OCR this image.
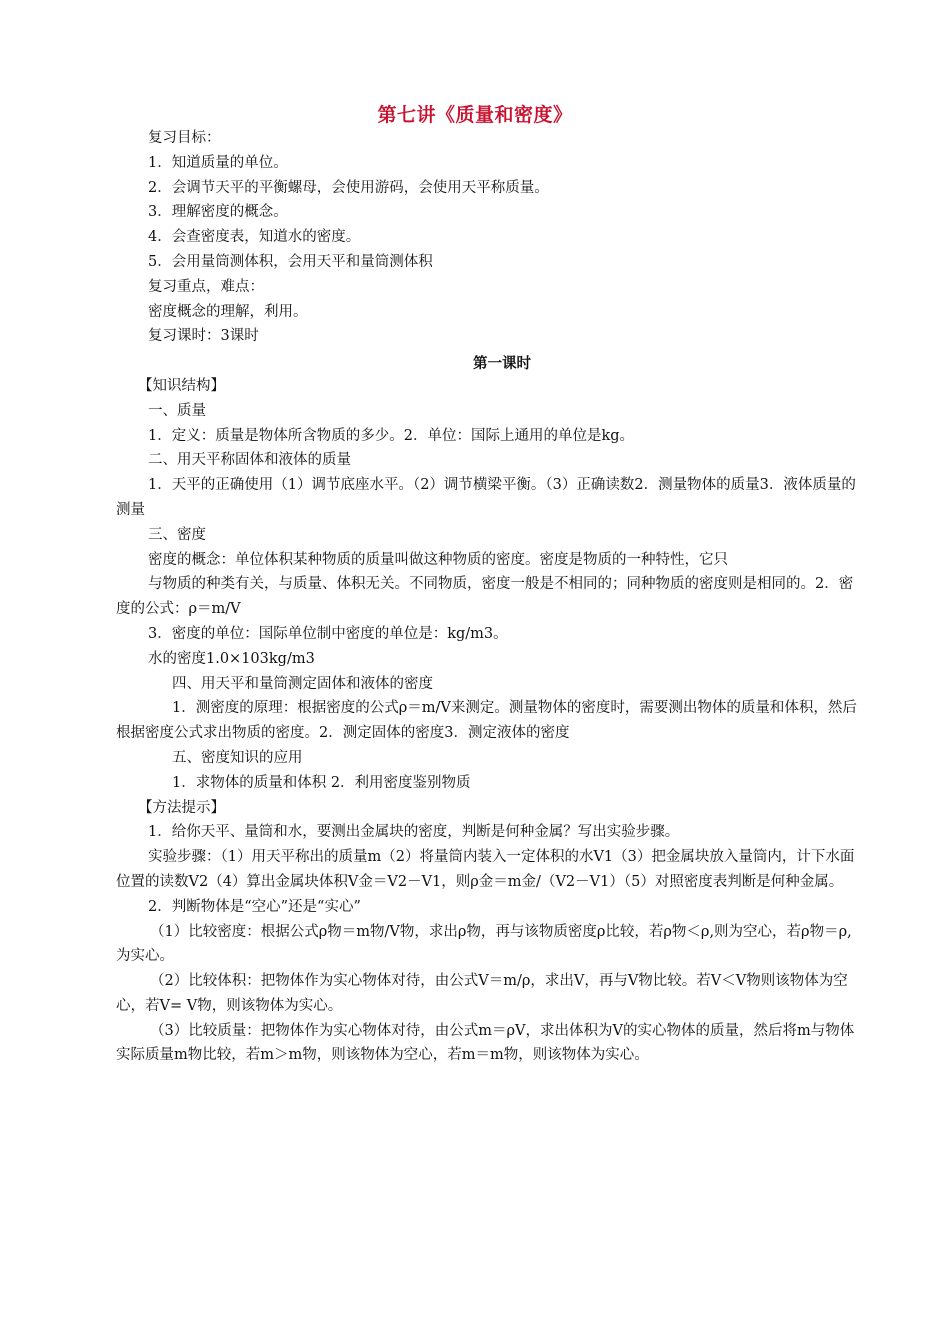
第七讲《质量和密度》

复习目标：

1．知道质量的单位。

2．会调节天平的平衡螺母，会使用游码，会使用天平称质量。

3．理解密度的概念。

4．会查密度表，知道水的密度。

5．会用量筒测体积，会用天平和量筒测体积

复习重点，难点：

密度概念的理解，利用。

复习课时：3课时

【知识结构】

一、质量

1．定义：质量是物体所含物质的多少。2．单位：国际上通用的单位是kg。

二、用天平称固体和液体的质量

1．天平的正确使用（1）调节底座水平。（2）调节横梁平衡。（3）正确读数2．测量物体的质量3．液体质量的测量

三、密度

密度的概念：单位体积某种物质的质量叫做这种物质的密度。密度是物质的一种特性，它只

与物质的种类有关，与质量、体积无关。不同物质，密度一般是不相同的；同种物质的密度则是相同的。2．密度的公式：ρ＝m/V

3．密度的单位：国际单位制中密度的单位是：kg/m3。

水的密度1.0×103kg/m3

四、用天平和量筒测定固体和液体的密度

1．测密度的原理：根据密度的公式ρ＝m/V来测定。测量物体的密度时，需要测出物体的质量和体积，然后根据密度公式求出物质的密度。2．测定固体的密度3．测定液体的密度

五、密度知识的应用

1．求物体的质量和体积 2．利用密度鉴别物质

【方法提示】

1．给你天平、量筒和水，要测出金属块的密度，判断是何种金属？写出实验步骤。

实验步骤：（1）用天平称出的质量m（2）将量筒内装入一定体积的水V1（3）把金属块放入量筒内，计下水面位置的读数V2（4）算出金属块体积V金＝V2－V1，则ρ金＝m金/（V2－V1）（5）对照密度表判断是何种金属。

2．判断物体是“空心”还是“实心”

（1）比较密度：根据公式ρ物＝m物/V物，求出ρ物，再与该物质密度ρ比较，若ρ物＜ρ,则为空心，若ρ物＝ρ,为实心。

（2）比较体积：把物体作为实心物体对待，由公式V＝m/ρ，求出V，再与V物比较。若V＜V物则该物体为空心，若V= V物，则该物体为实心。

（3）比较质量：把物体作为实心物体对待，由公式m＝ρV，求出体积为V的实心物体的质量，然后将m与物体实际质量m物比较，若m＞m物，则该物体为空心，若m＝m物，则该物体为实心。

第一课时
